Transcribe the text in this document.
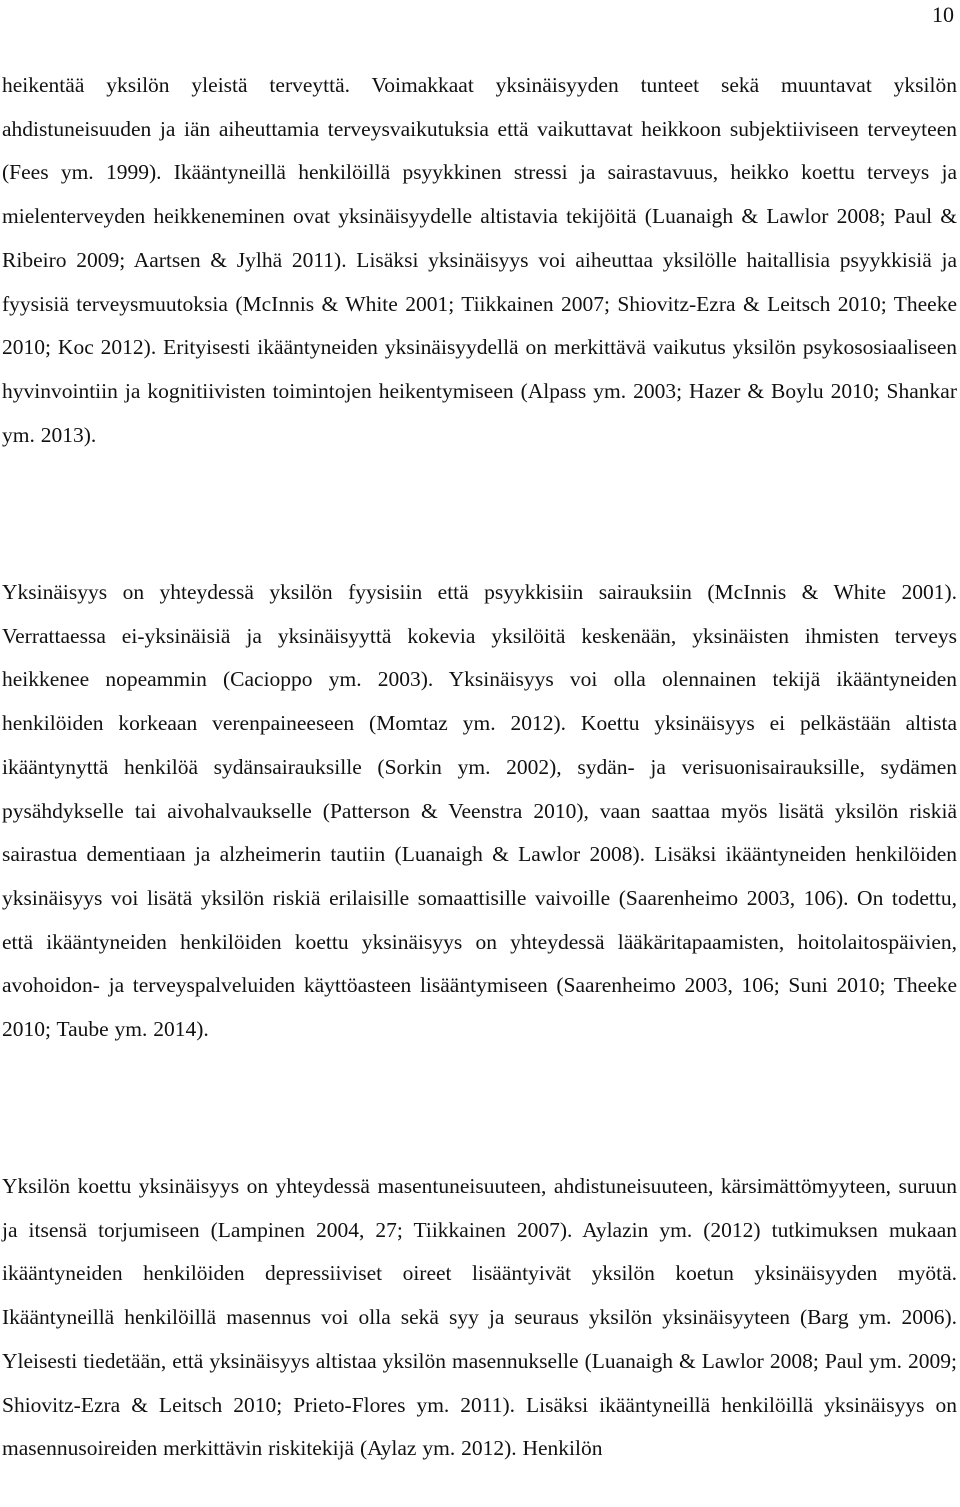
10

heikentää yksilön yleistä terveyttä. Voimakkaat yksinäisyyden tunteet sekä muuntavat yksilön ahdistuneisuuden ja iän aiheuttamia terveysvaikutuksia että vaikuttavat heikkoon subjektiiviseen terveyteen (Fees ym. 1999). Ikääntyneillä henkilöillä psyykkinen stressi ja sairastavuus, heikko koettu terveys ja mielenterveyden heikkeneminen ovat yksinäisyydelle altistavia tekijöitä (Luanaigh & Lawlor 2008; Paul & Ribeiro 2009; Aartsen & Jylhä 2011). Lisäksi yksinäisyys voi aiheuttaa yksilölle haitallisia psyykkisiä ja fyysisiä terveysmuutoksia (McInnis & White 2001; Tiikkainen 2007; Shiovitz-Ezra & Leitsch 2010; Theeke 2010; Koc 2012). Erityisesti ikääntyneiden yksinäisyydellä on merkittävä vaikutus yksilön psykososiaaliseen hyvinvointiin ja kognitiivisten toimintojen heikentymiseen (Alpass ym. 2003; Hazer & Boylu 2010; Shankar ym. 2013).

Yksinäisyys on yhteydessä yksilön fyysisiin että psyykkisiin sairauksiin (McInnis & White 2001). Verrattaessa ei-yksinäisiä ja yksinäisyyttä kokevia yksilöitä keskenään, yksinäisten ihmisten terveys heikkenee nopeammin (Cacioppo ym. 2003). Yksinäisyys voi olla olennainen tekijä ikääntyneiden henkilöiden korkeaan verenpaineeseen (Momtaz ym. 2012). Koettu yksinäisyys ei pelkästään altista ikääntynyttä henkilöä sydänsairauksille (Sorkin ym. 2002), sydän- ja verisuonisairauksille, sydämen pysähdykselle tai aivohalvaukselle (Patterson & Veenstra 2010), vaan saattaa myös lisätä yksilön riskiä sairastua dementiaan ja alzheimerin tautiin (Luanaigh & Lawlor 2008). Lisäksi ikääntyneiden henkilöiden yksinäisyys voi lisätä yksilön riskiä erilaisille somaattisille vaivoille (Saarenheimo 2003, 106). On todettu, että ikääntyneiden henkilöiden koettu yksinäisyys on yhteydessä lääkäritapaamisten, hoitolaitospäivien, avohoidon- ja terveyspalveluiden käyttöasteen lisääntymiseen (Saarenheimo 2003, 106; Suni 2010; Theeke 2010; Taube ym. 2014).

Yksilön koettu yksinäisyys on yhteydessä masentuneisuuteen, ahdistuneisuuteen, kärsimättömyyteen, suruun ja itsensä torjumiseen (Lampinen 2004, 27; Tiikkainen 2007). Aylazin ym. (2012) tutkimuksen mukaan ikääntyneiden henkilöiden depressiiviset oireet lisääntyivät yksilön koetun yksinäisyyden myötä. Ikääntyneillä henkilöillä masennus voi olla sekä syy ja seuraus yksilön yksinäisyyteen (Barg ym. 2006). Yleisesti tiedetään, että yksinäisyys altistaa yksilön masennukselle (Luanaigh & Lawlor 2008; Paul ym. 2009; Shiovitz-Ezra & Leitsch 2010; Prieto-Flores ym. 2011). Lisäksi ikääntyneillä henkilöillä yksinäisyys on masennusoireiden merkittävin riskitekijä (Aylaz ym. 2012). Henkilön
